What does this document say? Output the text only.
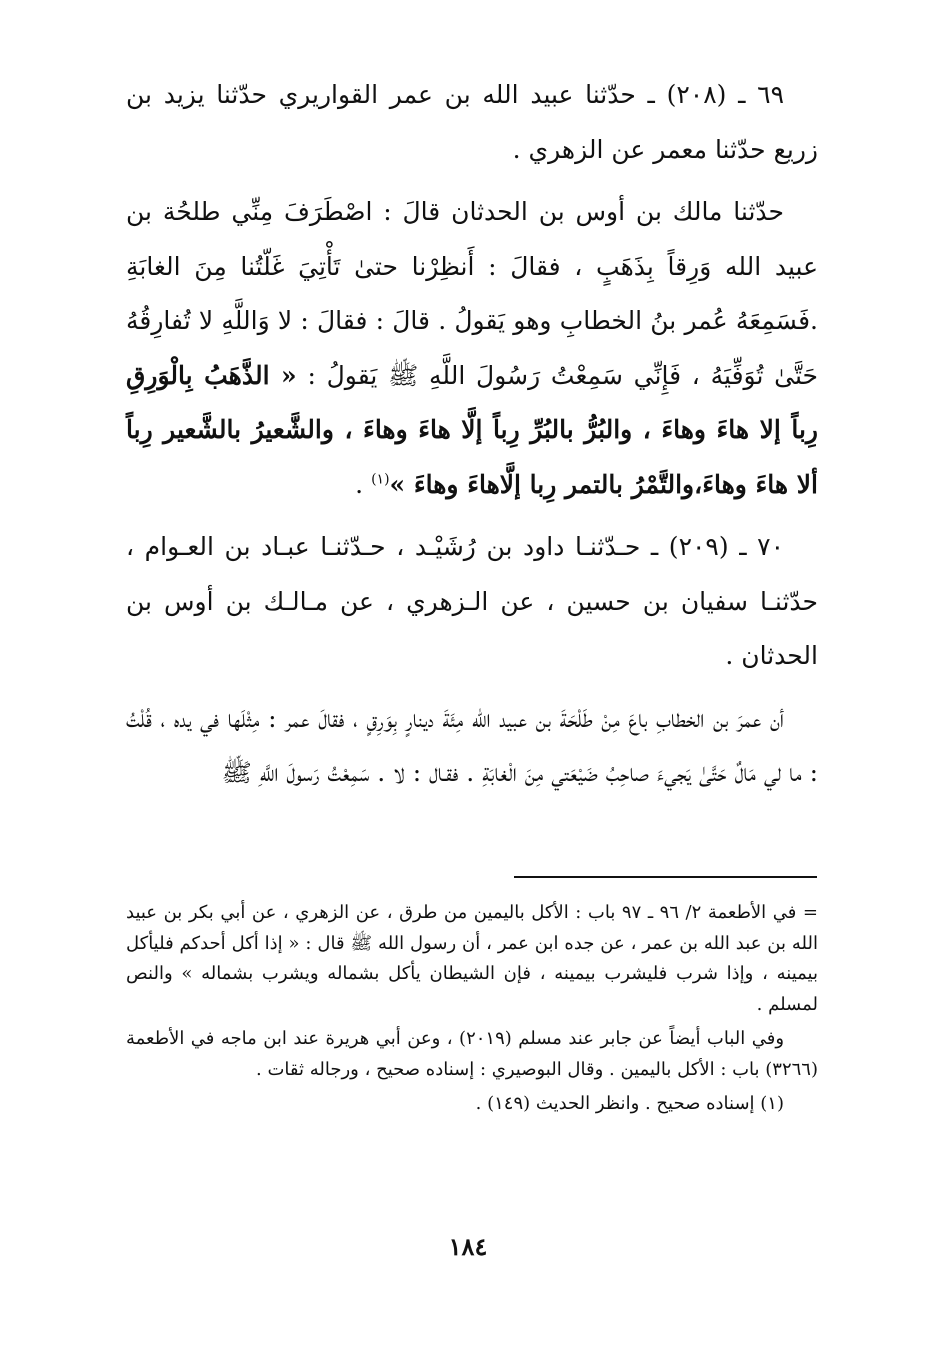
٦٩ ـ (٢٠٨) ـ حدّثنا عبيد الله بن عمر القواريري حدّثنا يزيد بن زريع حدّثنا معمر عن الزهري .

حدّثنا مالك بن أوس بن الحدثان قالَ : اصْطَرَفَ مِنِّي طلحُة بن عبيد الله وَرِقاً بِذَهَبٍ ، فقالَ : أَنظِرْنا حتىٰ تَأْتِيَ غَلّتُنا مِنَ الغابَةِ .فَسَمِعَهُ عُمر بنُ الخطابِ وهو يَقولُ . قالَ : فقالَ : لا وَاللَّهِ لا تُفارِقُهُ حَتَّىٰ تُوَفِّيَهُ ، فَإِنِّي سَمِعْتُ رَسُولَ اللَّهِ ﷺ يَقولُ : « الذَّهَبُ بِالْوَرِقِ رِباً إلا هاءَ وهاءَ ، والبُرُّ بالبُرِّ رِباً إلَّا هاءَ وهاءَ ، والشَّعيرُ بالشَّعير رِباً ألا هاءَ وهاءَ،والتَّمْرُ بالتمر رِبا إلَّاهاءَ وهاءَ »$^{(١)}$ .

٧٠ ـ (٢٠٩) ـ حـدّثنـا داود بن رُشَيْـد ، حـدّثنـا عبـاد بن العـوام ، حدّثنـا سفيان بن حسين ، عن الـزهري ، عن مـالـك بن أوس بن الحدثان .

أن عمرَ بن الخطابِ باعَ مِنْ طَلْحَةَ بن عبيد الله مِئَةَ دينارٍ بِوَرِقٍ ، فقالَ عمر : مِثْلَها في يده ، قُلْتُ : ما لي مَالٌ حَتَّىٰ يَجيءَ صاحِبُ ضَيْعَتي مِنَ الْغابَةِ . فقـال : لا . سَمِعْتُ رَسولَ اللَّهِ ﷺ

= في الأطعمة ٢/ ٩٦ ـ ٩٧ باب : الأكل باليمين من طرق ، عن الزهري ، عن أبي بكر بن عبيد الله بن عبد الله بن عمر ، عن جده ابن عمر ، أن رسول الله ﷺ قال : « إذا أكل أحدكم فليأكل بيمينه ، وإذا شرب فليشرب بيمينه ، فإن الشيطان يأكل بشماله ويشرب بشماله » والنص لمسلم .

وفي الباب أيضاً عن جابر عند مسلم (٢٠١٩) ، وعن أبي هريرة عند ابن ماجه في الأطعمة (٣٢٦٦) باب : الأكل باليمين . وقال البوصيري : إسناده صحيح ، ورجاله ثقات .

(١) إسناده صحيح . وانظر الحديث (١٤٩) .

١٨٤
